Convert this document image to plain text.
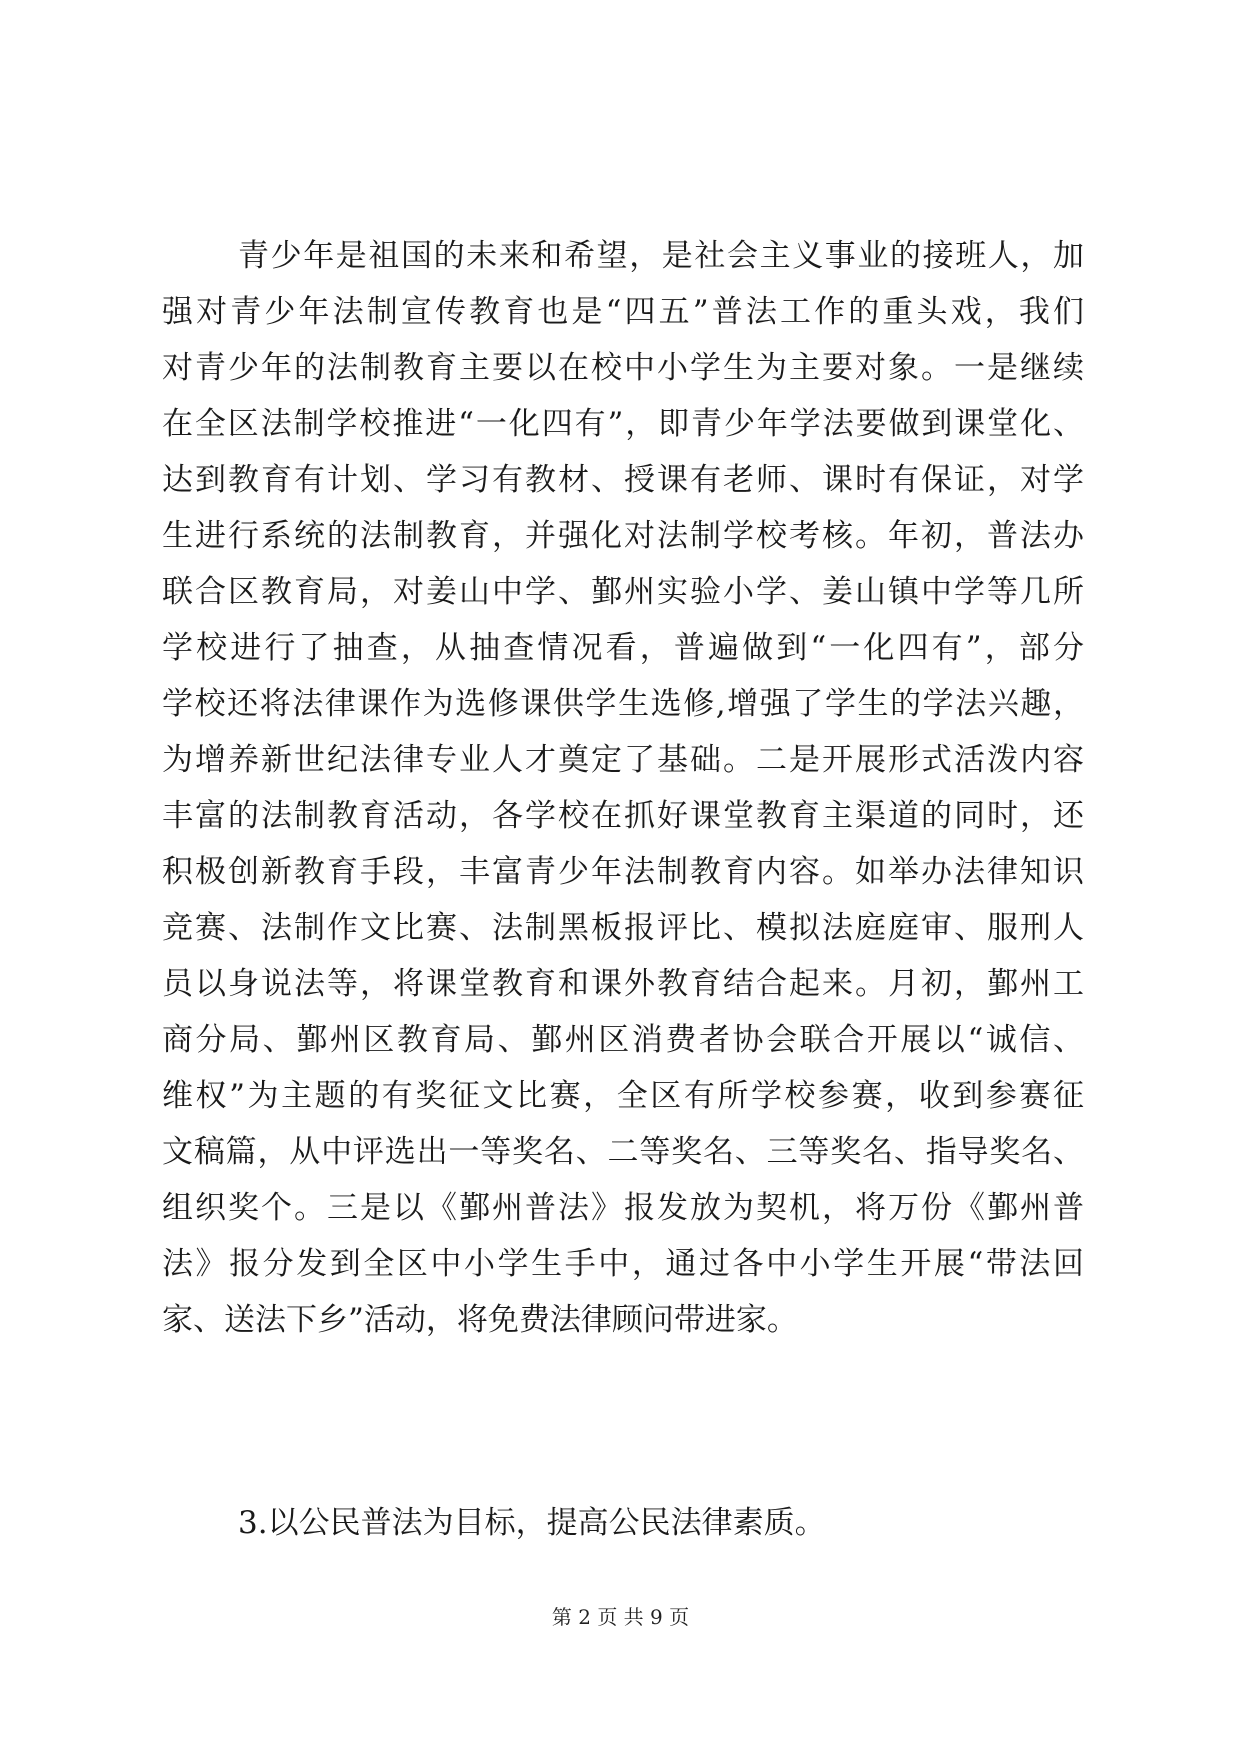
青少年是祖国的未来和希望，是社会主义事业的接班人，加
强对青少年法制宣传教育也是“四五”普法工作的重头戏，我们
对青少年的法制教育主要以在校中小学生为主要对象。一是继续
在全区法制学校推进“一化四有”，即青少年学法要做到课堂化、
达到教育有计划、学习有教材、授课有老师、课时有保证，对学
生进行系统的法制教育，并强化对法制学校考核。年初，普法办
联合区教育局，对姜山中学、鄞州实验小学、姜山镇中学等几所
学校进行了抽查，从抽查情况看，普遍做到“一化四有”，部分
学校还将法律课作为选修课供学生选修,增强了学生的学法兴趣，
为增养新世纪法律专业人才奠定了基础。二是开展形式活泼内容
丰富的法制教育活动，各学校在抓好课堂教育主渠道的同时，还
积极创新教育手段，丰富青少年法制教育内容。如举办法律知识
竞赛、法制作文比赛、法制黑板报评比、模拟法庭庭审、服刑人
员以身说法等，将课堂教育和课外教育结合起来。月初，鄞州工
商分局、鄞州区教育局、鄞州区消费者协会联合开展以“诚信、
维权”为主题的有奖征文比赛，全区有所学校参赛，收到参赛征
文稿篇，从中评选出一等奖名、二等奖名、三等奖名、指导奖名、
组织奖个。三是以《鄞州普法》报发放为契机，将万份《鄞州普
法》报分发到全区中小学生手中，通过各中小学生开展“带法回
家、送法下乡”活动，将免费法律顾问带进家。
3.以公民普法为目标，提高公民法律素质。
第 2 页 共 9 页
